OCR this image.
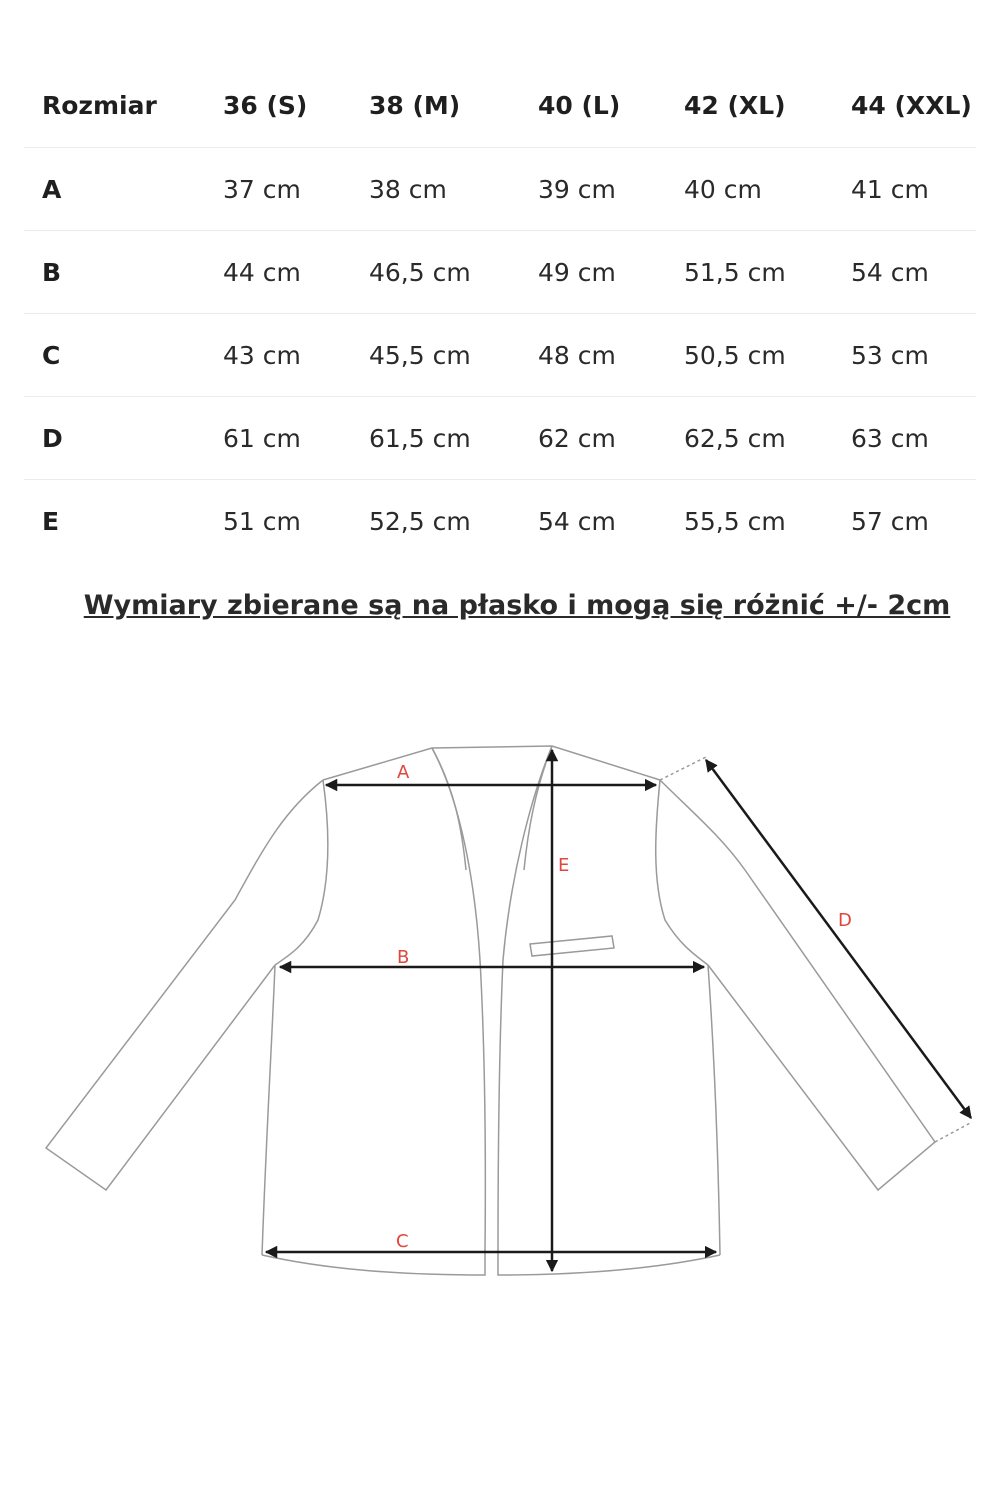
Rozmiar	36 (S)	38 (M)	40 (L)	42 (XL)	44 (XXL)
A	37 cm	38 cm	39 cm	40 cm	41 cm
B	44 cm	46,5 cm	49 cm	51,5 cm	54 cm
C	43 cm	45,5 cm	48 cm	50,5 cm	53 cm
D	61 cm	61,5 cm	62 cm	62,5 cm	63 cm
E	51 cm	52,5 cm	54 cm	55,5 cm	57 cm
Wymiary zbierane są na płasko i mogą się różnić +/- 2cm
A
B
C
D
E
